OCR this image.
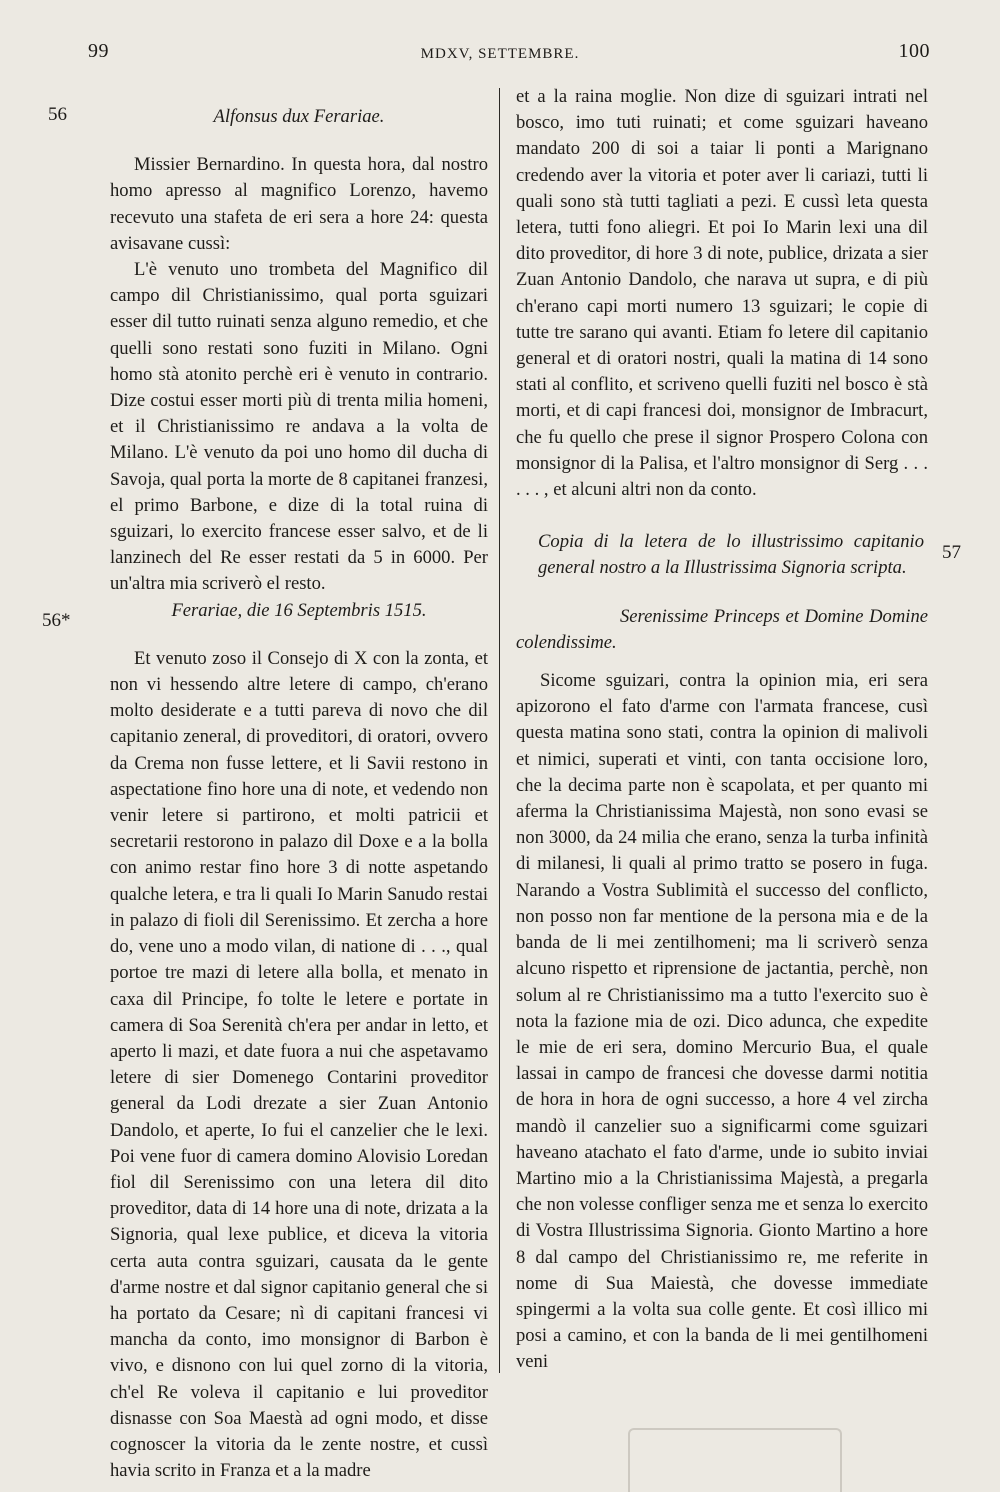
99	MDXV, SETTEMBRE.	100
56
56*
57

Alfonsus dux Ferariae.

Missier Bernardino. In questa hora, dal nostro homo apresso al magnifico Lorenzo, havemo recevuto una stafeta de eri sera a hore 24: questa avisavane cussì:

L'è venuto uno trombeta del Magnifico dil campo dil Christianissimo, qual porta sguizari esser dil tutto ruinati senza alguno remedio, et che quelli sono restati sono fuziti in Milano. Ogni homo stà atonito perchè eri è venuto in contrario. Dize costui esser morti più di trenta milia homeni, et il Christianissimo re andava a la volta de Milano. L'è venuto da poi uno homo dil ducha di Savoja, qual porta la morte de 8 capitanei franzesi, el primo Barbone, e dize di la total ruina di sguizari, lo exercito francese esser salvo, et de li lanzinech del Re esser restati da 5 in 6000. Per un'altra mia scriverò el resto.

Ferariae, die 16 Septembris 1515.

Et venuto zoso il Consejo di X con la zonta, et non vi hessendo altre letere di campo, ch'erano molto desiderate e a tutti pareva di novo che dil capitanio zeneral, di proveditori, di oratori, ovvero da Crema non fusse lettere, et li Savii restono in aspectatione fino hore una di note, et vedendo non venir letere si partirono, et molti patricii et secretarii restorono in palazo dil Doxe e a la bolla con animo restar fino hore 3 di notte aspetando qualche letera, e tra li quali Io Marin Sanudo restai in palazo di fioli dil Serenissimo. Et zercha a hore do, vene uno a modo vilan, di natione di . . ., qual portoe tre mazi di letere alla bolla, et menato in caxa dil Principe, fo tolte le letere e portate in camera di Soa Serenità ch'era per andar in letto, et aperto li mazi, et date fuora a nui che aspetavamo letere di sier Domenego Contarini proveditor general da Lodi drezate a sier Zuan Antonio Dandolo, et aperte, Io fui el canzelier che le lexi. Poi vene fuor di camera domino Alovisio Loredan fiol dil Serenissimo con una letera dil dito proveditor, data di 14 hore una di note, drizata a la Signoria, qual lexe publice, et diceva la vitoria certa auta contra sguizari, causata da le gente d'arme nostre et dal signor capitanio general che si ha portato da Cesare; nì di capitani francesi vi mancha da conto, imo monsignor di Barbon è vivo, e disnono con lui quel zorno di la vitoria, ch'el Re voleva il capitanio e lui proveditor disnasse con Soa Maestà ad ogni modo, et disse cognoscer la vitoria da le zente nostre, et cussì havia scrito in Franza et a la madre

et a la raina moglie. Non dize di sguizari intrati nel bosco, imo tuti ruinati; et come sguizari haveano mandato 200 di soi a taiar li ponti a Marignano credendo aver la vitoria et poter aver li cariazi, tutti li quali sono stà tutti tagliati a pezi. E cussì leta questa letera, tutti fono aliegri. Et poi Io Marin lexi una dil dito proveditor, di hore 3 di note, publice, drizata a sier Zuan Antonio Dandolo, che narava ut supra, e di più ch'erano capi morti numero 13 sguizari; le copie di tutte tre sarano qui avanti. Etiam fo letere dil capitanio general et di oratori nostri, quali la matina di 14 sono stati al conflito, et scriveno quelli fuziti nel bosco è stà morti, et di capi francesi doi, monsignor de Imbracurt, che fu quello che prese il signor Prospero Colona con monsignor di la Palisa, et l'altro monsignor di Serg . . . . . . , et alcuni altri non da conto.

Copia di la letera de lo illustrissimo capitanio general nostro a la Illustrissima Signoria scripta.

Serenissime Princeps et Domine Domine colendissime.

Sicome sguizari, contra la opinion mia, eri sera apizorono el fato d'arme con l'armata francese, cusì questa matina sono stati, contra la opinion di malivoli et nimici, superati et vinti, con tanta occisione loro, che la decima parte non è scapolata, et per quanto mi aferma la Christianissima Majestà, non sono evasi se non 3000, da 24 milia che erano, senza la turba infinità di milanesi, li quali al primo tratto se posero in fuga. Narando a Vostra Sublimità el successo del conflicto, non posso non far mentione de la persona mia e de la banda de li mei zentilhomeni; ma li scriverò senza alcuno rispetto et riprensione de jactantia, perchè, non solum al re Christianissimo ma a tutto l'exercito suo è nota la fazione mia de ozi. Dico adunca, che expedite le mie de eri sera, domino Mercurio Bua, el quale lassai in campo de francesi che dovesse darmi notitia de hora in hora de ogni successo, a hore 4 vel zircha mandò il canzelier suo a significarmi come sguizari haveano atachato el fato d'arme, unde io subito inviai Martino mio a la Christianissima Majestà, a pregarla che non volesse confliger senza me et senza lo exercito di Vostra Illustrissima Signoria. Gionto Martino a hore 8 dal campo del Christianissimo re, me referite in nome di Sua Maiestà, che dovesse immediate spingermi a la volta sua colle gente. Et così illico mi posi a camino, et con la banda de li mei gentilhomeni veni
